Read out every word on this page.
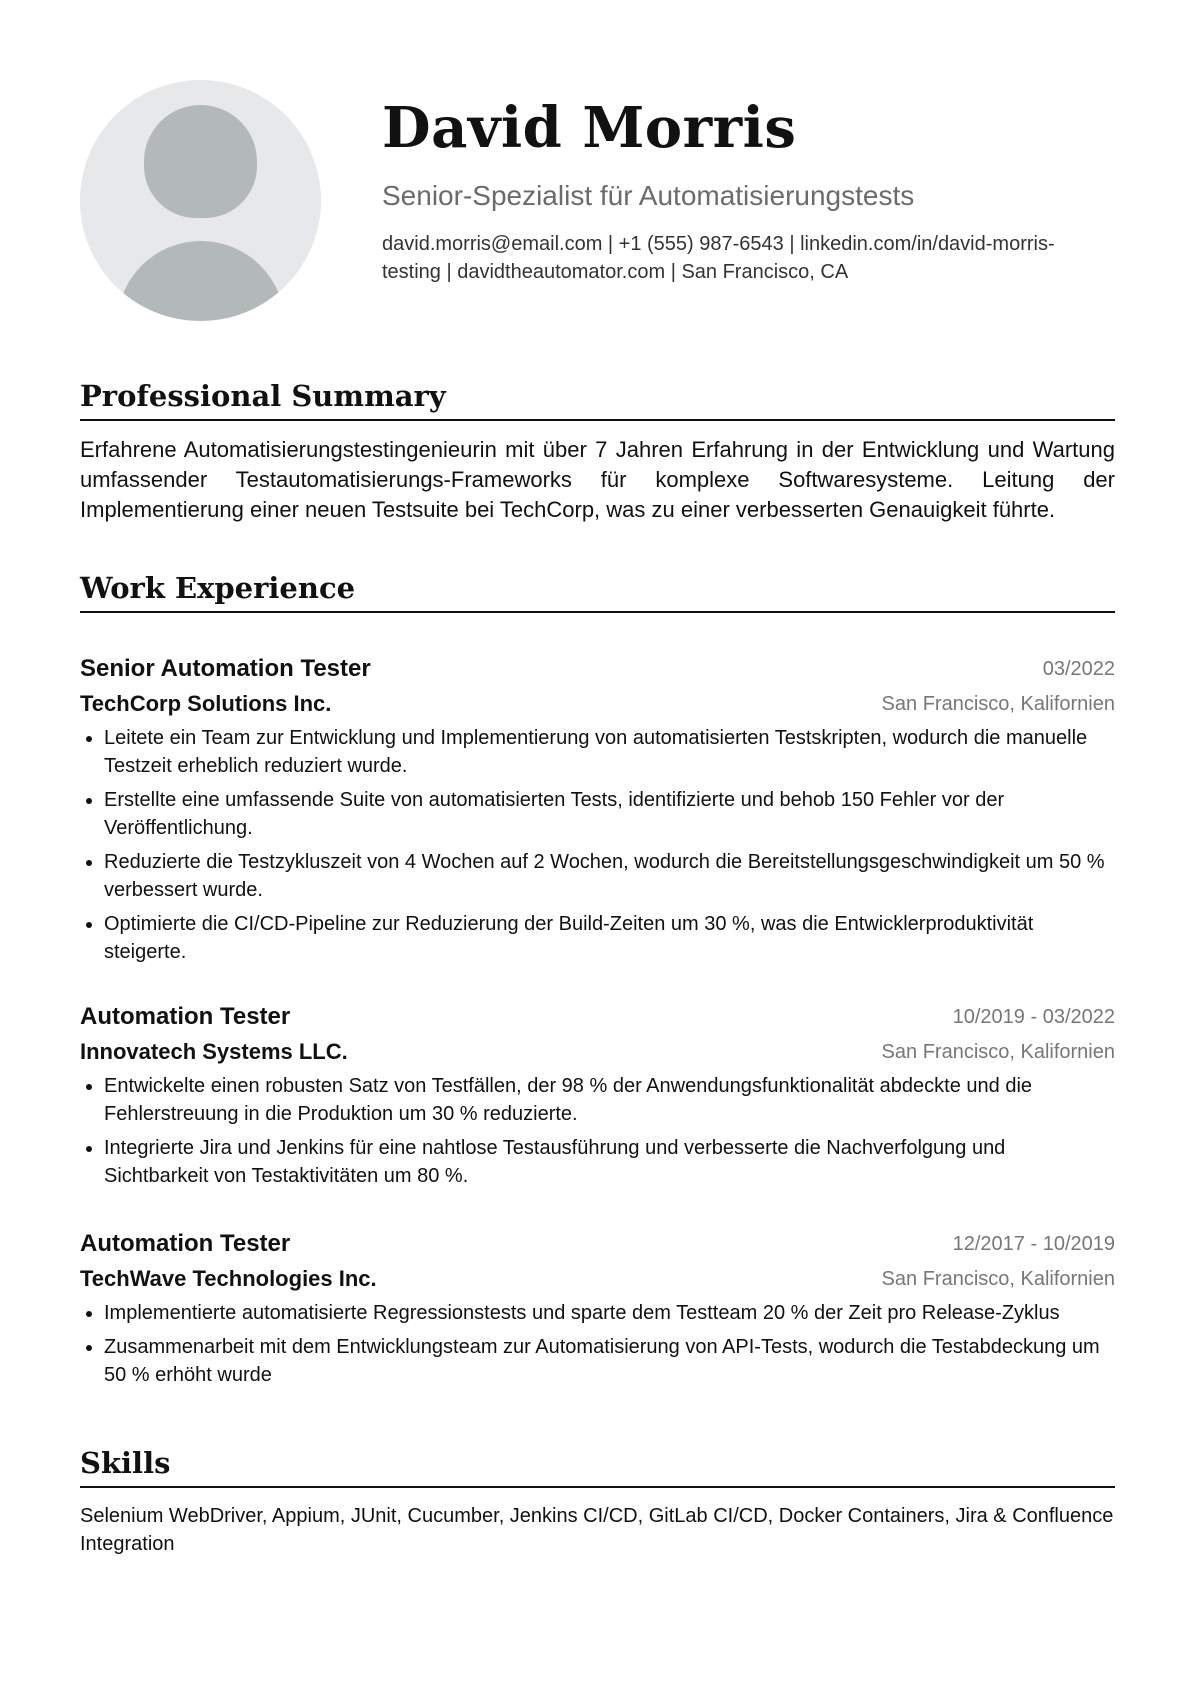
David Morris
Senior-Spezialist für Automatisierungstests
david.morris@email.com | +1 (555) 987-6543 | linkedin.com/in/david-morris-testing | davidtheautomator.com | San Francisco, CA
Professional Summary
Erfahrene Automatisierungstestingenieurin mit über 7 Jahren Erfahrung in der Entwicklung und Wartung umfassender Testautomatisierungs-Frameworks für komplexe Softwaresysteme. Leitung der Implementierung einer neuen Testsuite bei TechCorp, was zu einer verbesserten Genauigkeit führte.
Work Experience
Senior Automation Tester	03/2022
TechCorp Solutions Inc.	San Francisco, Kalifornien
Leitete ein Team zur Entwicklung und Implementierung von automatisierten Testskripten, wodurch die manuelle Testzeit erheblich reduziert wurde.
Erstellte eine umfassende Suite von automatisierten Tests, identifizierte und behob 150 Fehler vor der Veröffentlichung.
Reduzierte die Testzykluszeit von 4 Wochen auf 2 Wochen, wodurch die Bereitstellungsgeschwindigkeit um 50 % verbessert wurde.
Optimierte die CI/CD-Pipeline zur Reduzierung der Build-Zeiten um 30 %, was die Entwicklerproduktivität steigerte.
Automation Tester	10/2019 - 03/2022
Innovatech Systems LLC.	San Francisco, Kalifornien
Entwickelte einen robusten Satz von Testfällen, der 98 % der Anwendungsfunktionalität abdeckte und die Fehlerstreuung in die Produktion um 30 % reduzierte.
Integrierte Jira und Jenkins für eine nahtlose Testausführung und verbesserte die Nachverfolgung und Sichtbarkeit von Testaktivitäten um 80 %.
Automation Tester	12/2017 - 10/2019
TechWave Technologies Inc.	San Francisco, Kalifornien
Implementierte automatisierte Regressionstests und sparte dem Testteam 20 % der Zeit pro Release-Zyklus
Zusammenarbeit mit dem Entwicklungsteam zur Automatisierung von API-Tests, wodurch die Testabdeckung um 50 % erhöht wurde
Skills
Selenium WebDriver, Appium, JUnit, Cucumber, Jenkins CI/CD, GitLab CI/CD, Docker Containers, Jira & Confluence Integration
